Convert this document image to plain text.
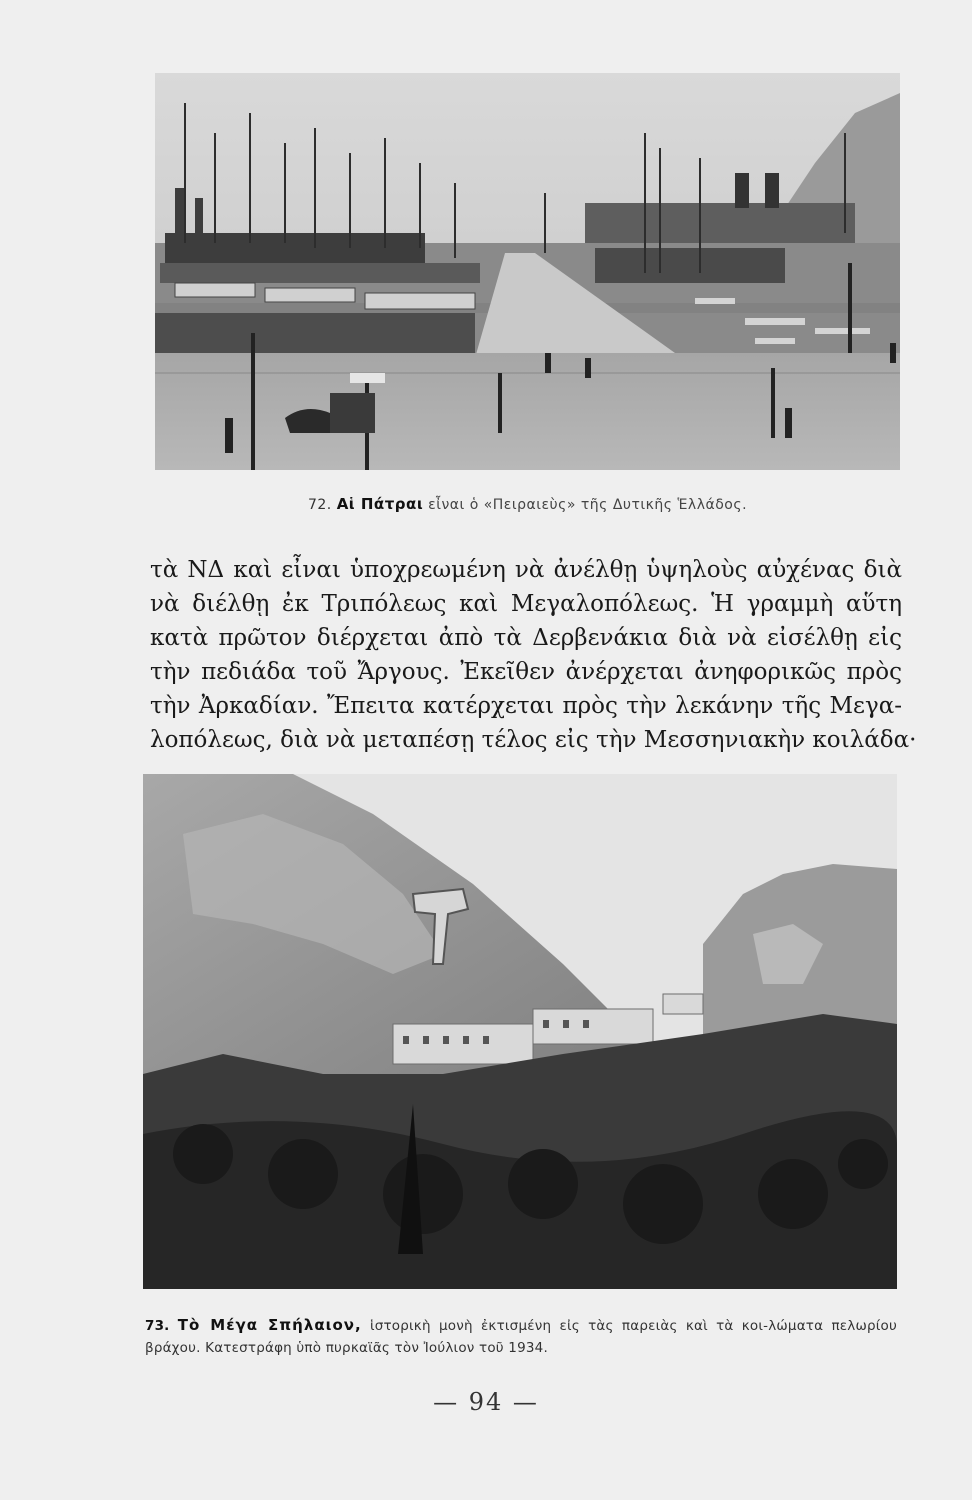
72. Αἱ Πάτραι εἶναι ὁ «Πειραιεὺς» τῆς Δυτικῆς Ἑλλάδος.
τὰ ΝΔ καὶ εἶναι ὑποχρεωμένη νὰ ἀνέλθῃ ὑψηλοὺς αὐχένας διὰ
νὰ διέλθῃ ἐκ Τριπόλεως καὶ Μεγαλοπόλεως. Ἡ γραμμὴ αὕτη
κατὰ πρῶτον διέρχεται ἀπὸ τὰ Δερβενάκια διὰ νὰ εἰσέλθῃ εἰς
τὴν πεδιάδα τοῦ Ἄργους. Ἐκεῖθεν ἀνέρχεται ἀνηφορικῶς πρὸς
τὴν Ἀρκαδίαν. Ἔπειτα κατέρχεται πρὸς τὴν λεκάνην τῆς Μεγα-
λοπόλεως, διὰ νὰ μεταπέσῃ τέλος εἰς τὴν Μεσσηνιακὴν κοιλάδα·
73. Τὸ Μέγα Σπήλαιον, ἱστορικὴ μονὴ ἐκτισμένη εἰς τὰς παρειὰς καὶ τὰ κοι-λώματα πελωρίου βράχου. Κατεστράφη ὑπὸ πυρκαϊᾶς τὸν Ἰούλιον τοῦ 1934.
— 94 —
